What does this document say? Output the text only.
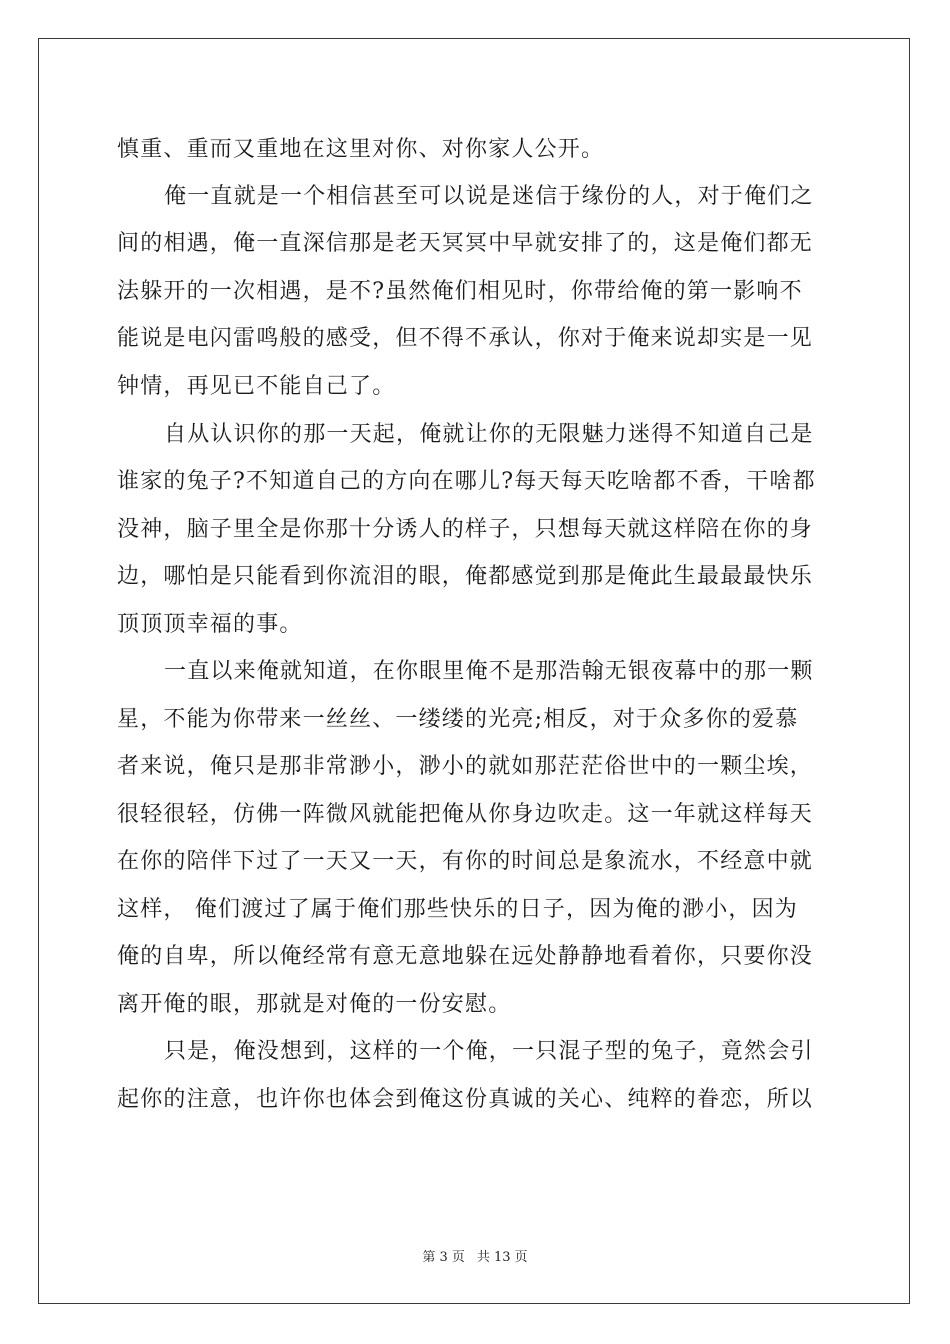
慎重、重而又重地在这里对你、对你家人公开。
俺一直就是一个相信甚至可以说是迷信于缘份的人，对于俺们之
间的相遇，俺一直深信那是老天冥冥中早就安排了的，这是俺们都无
法躲开的一次相遇，是不?虽然俺们相见时，你带给俺的第一影响不
能说是电闪雷鸣般的感受，但不得不承认，你对于俺来说却实是一见
钟情，再见已不能自己了。
自从认识你的那一天起，俺就让你的无限魅力迷得不知道自己是
谁家的兔子?不知道自己的方向在哪儿?每天每天吃啥都不香，干啥都
没神，脑子里全是你那十分诱人的样子，只想每天就这样陪在你的身
边，哪怕是只能看到你流泪的眼，俺都感觉到那是俺此生最最最快乐
顶顶顶幸福的事。
一直以来俺就知道，在你眼里俺不是那浩翰无银夜幕中的那一颗
星，不能为你带来一丝丝、一缕缕的光亮;相反，对于众多你的爱慕
者来说，俺只是那非常渺小，渺小的就如那茫茫俗世中的一颗尘埃，
很轻很轻，仿佛一阵微风就能把俺从你身边吹走。这一年就这样每天
在你的陪伴下过了一天又一天，有你的时间总是象流水，不经意中就
这样， 俺们渡过了属于俺们那些快乐的日子，因为俺的渺小，因为
俺的自卑，所以俺经常有意无意地躲在远处静静地看着你，只要你没
离开俺的眼，那就是对俺的一份安慰。
只是，俺没想到，这样的一个俺，一只混子型的兔子，竟然会引
起你的注意，也许你也体会到俺这份真诚的关心、纯粹的眷恋，所以
第 3 页 共 13 页
